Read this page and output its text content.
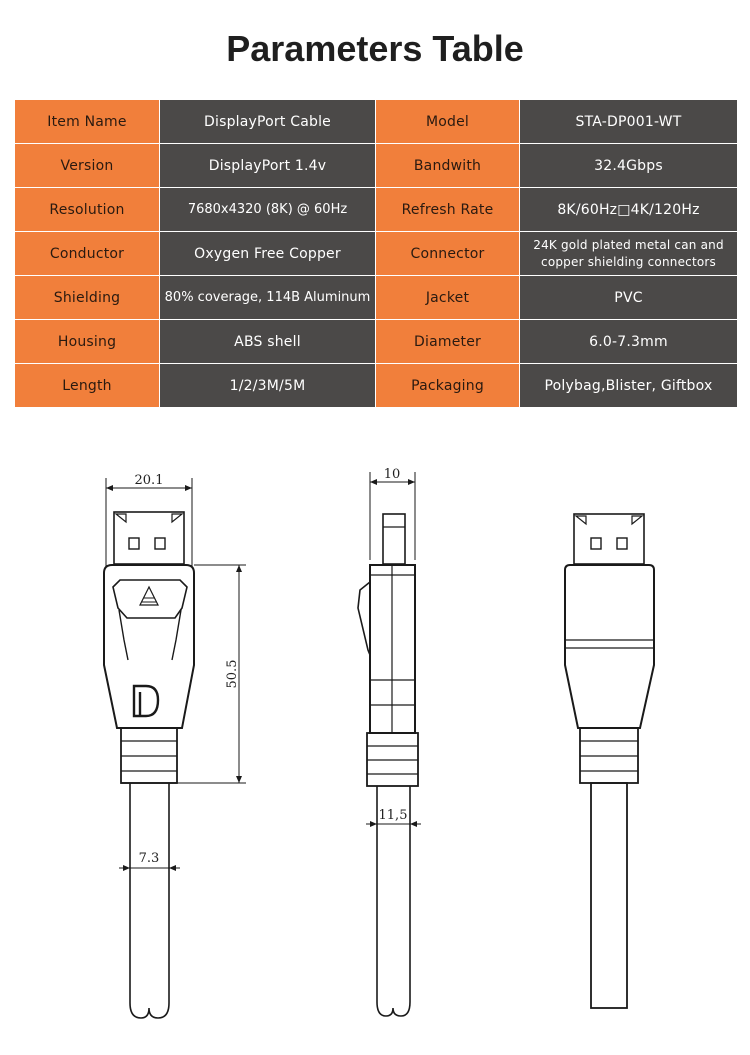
Parameters Table
Item Name	DisplayPort Cable	Model	STA-DP001-WT
Version	DisplayPort 1.4v	Bandwith	32.4Gbps
Resolution	7680x4320 (8K) @ 60Hz	Refresh Rate	8K/60Hz□4K/120Hz
Conductor	Oxygen Free Copper	Connector	24K gold plated metal can and
copper shielding connectors

Shielding	80% coverage, 114B Aluminum	Jacket	PVC
Housing	ABS shell	Diameter	6.0-7.3mm
Length	1/2/3M/5M	Packaging	Polybag,Blister, Giftbox
20.1
7.3
50.5
10
11,5
